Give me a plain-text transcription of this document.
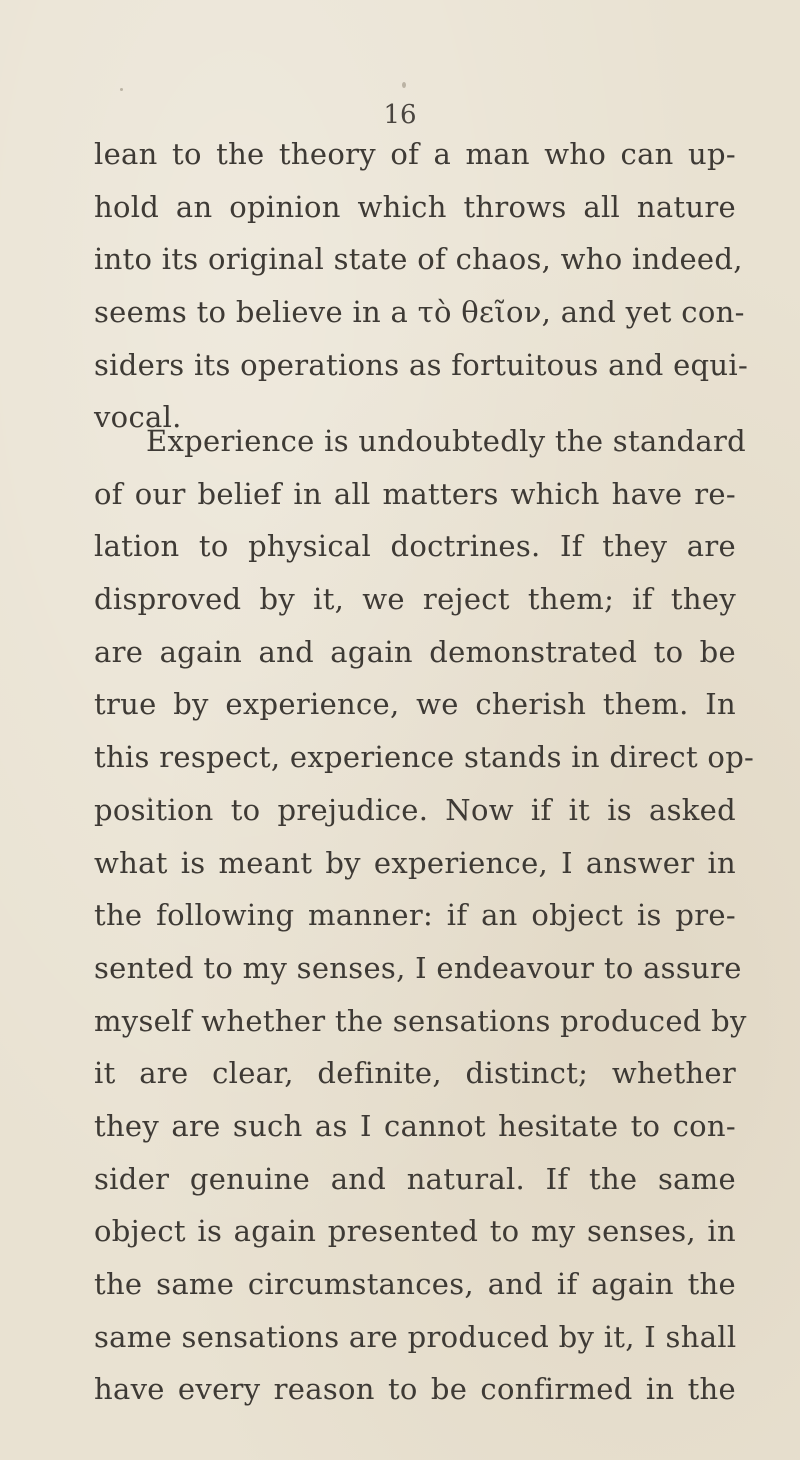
16
lean to the theory of a man who can up-
hold an opinion which throws all nature
into its original state of chaos, who indeed,
seems to believe in a τὸ θεῖον, and yet con-
siders its operations as fortuitous and equi-
vocal.
Experience is undoubtedly the standard
of our belief in all matters which have re-
lation to physical doctrines. If they are
disproved by it, we reject them; if they
are again and again demonstrated to be
true by experience, we cherish them. In
this respect, experience stands in direct op-
position to prejudice. Now if it is asked
what is meant by experience, I answer in
the following manner: if an object is pre-
sented to my senses, I endeavour to assure
myself whether the sensations produced by
it are clear, definite, distinct; whether
they are such as I cannot hesitate to con-
sider genuine and natural. If the same
object is again presented to my senses, in
the same circumstances, and if again the
same sensations are produced by it, I shall
have every reason to be confirmed in the
